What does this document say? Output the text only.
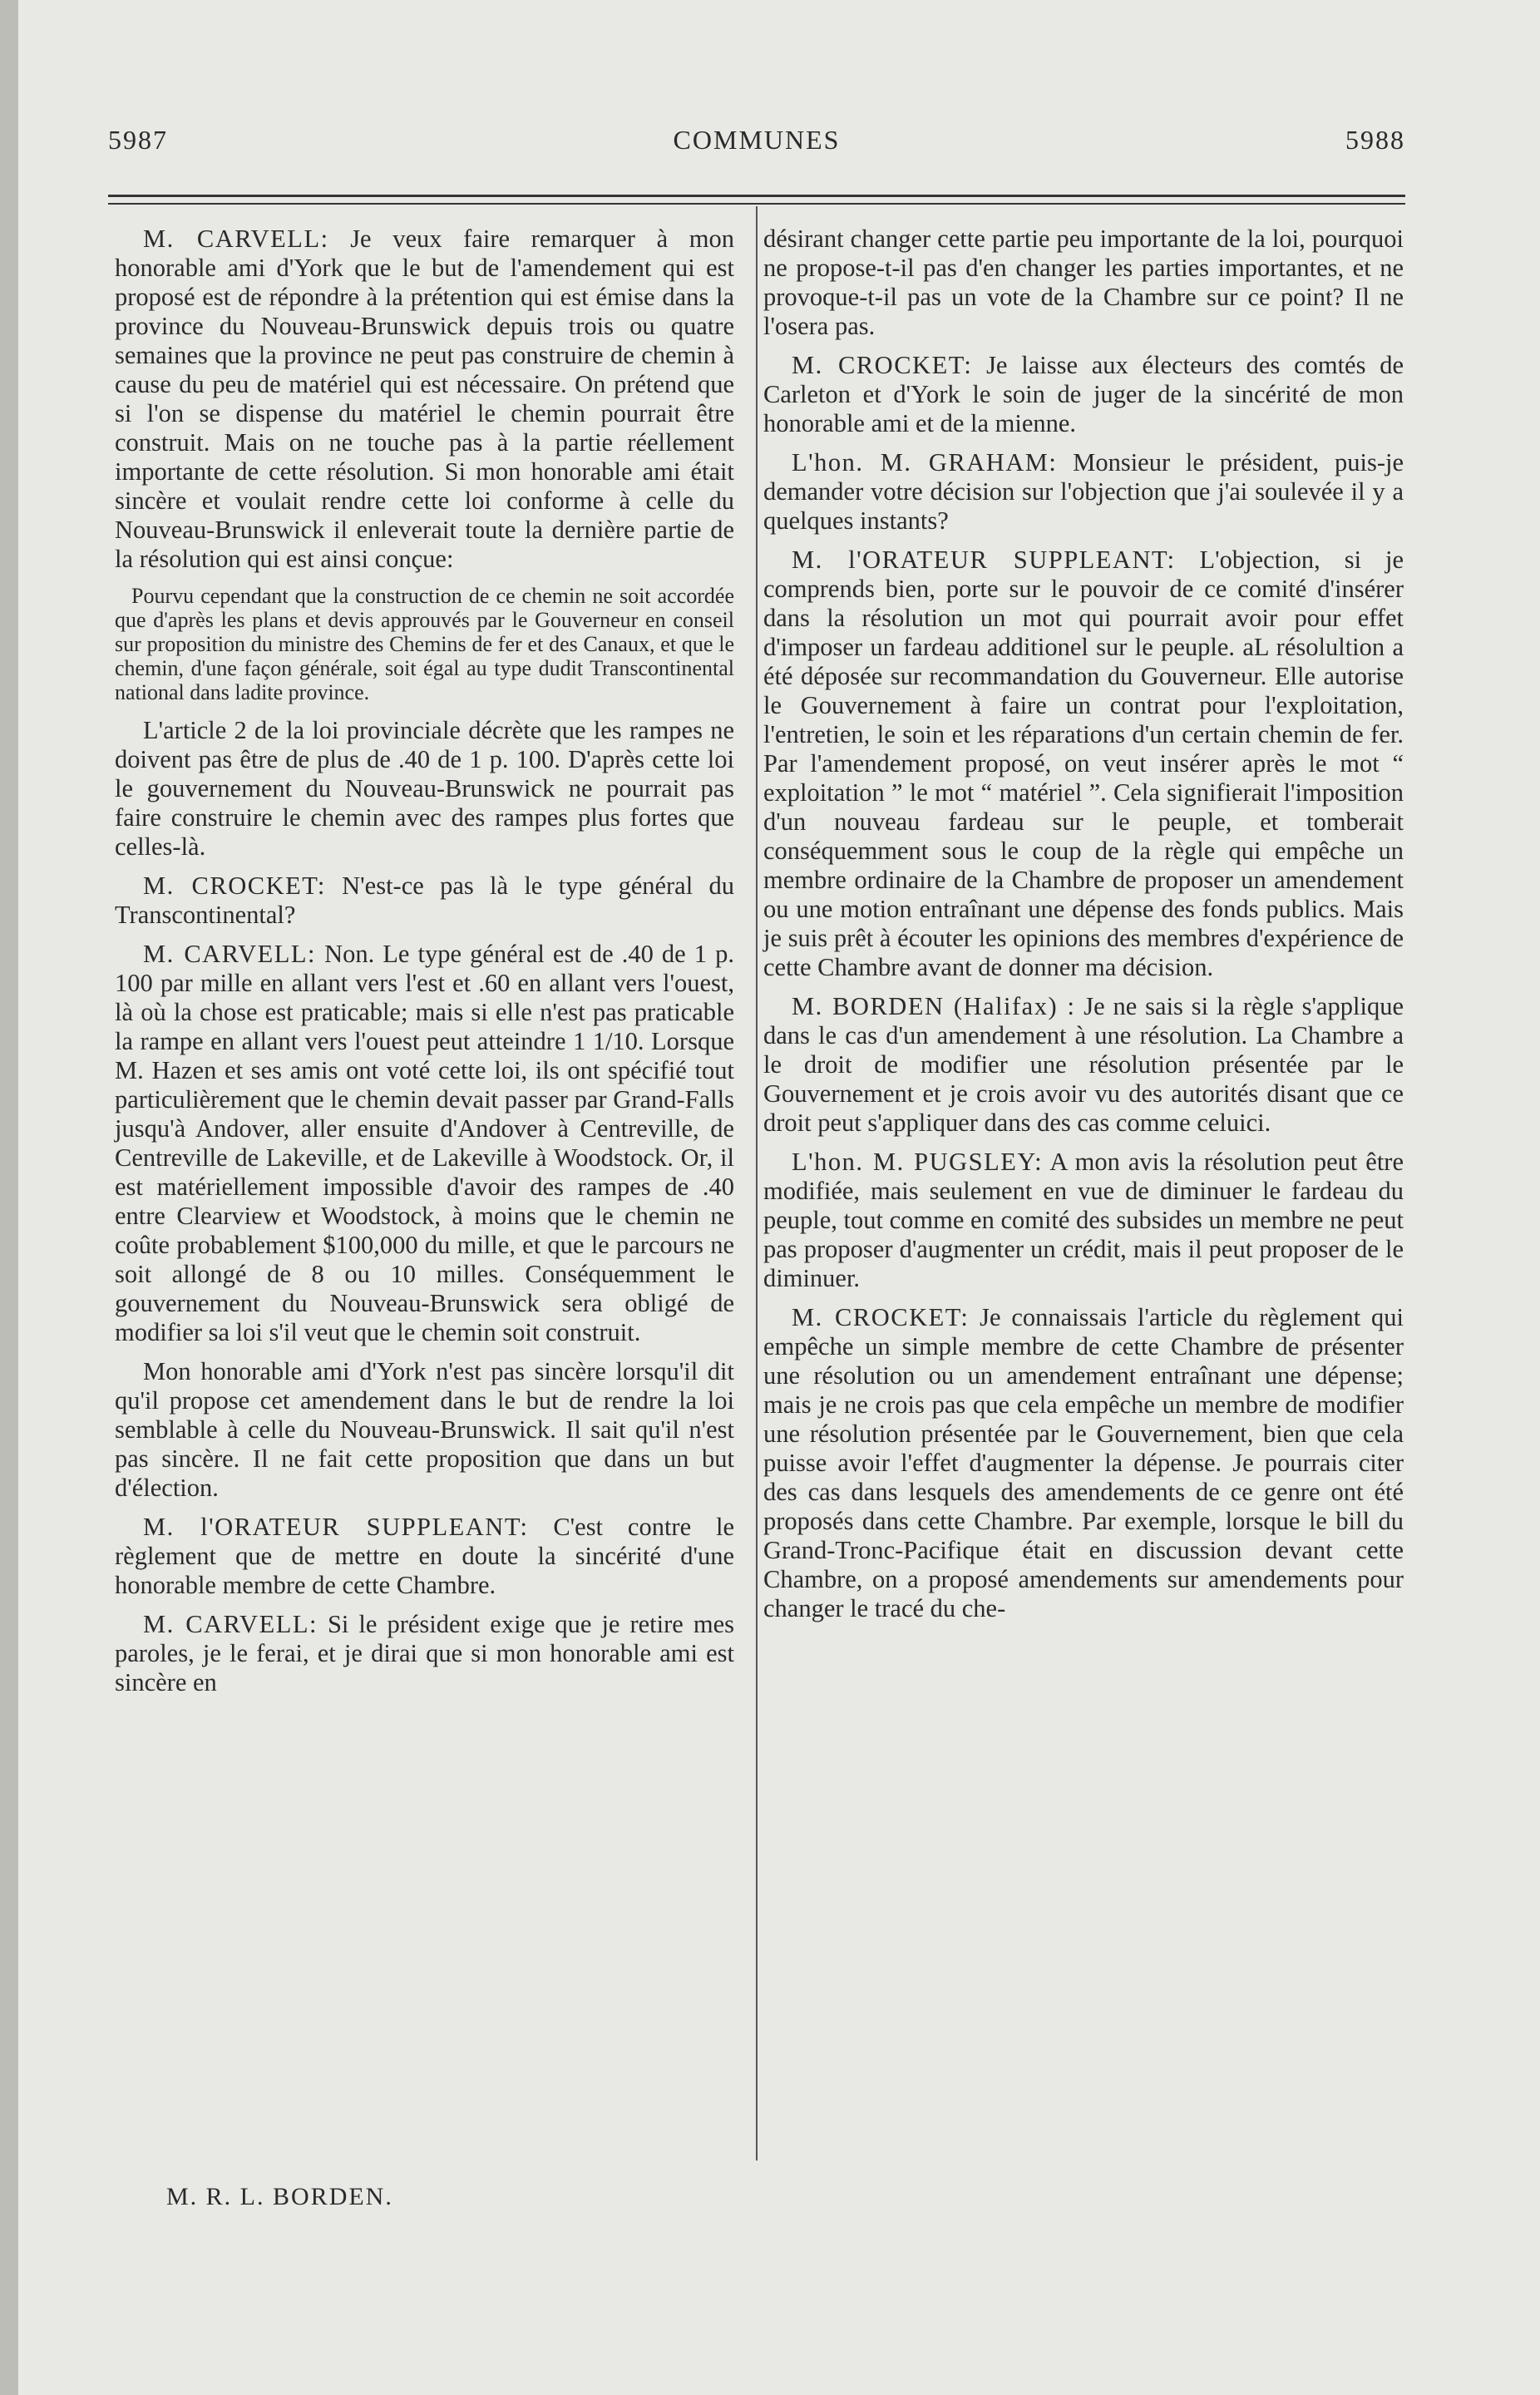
5987	COMMUNES	5988

M. CARVELL: Je veux faire remarquer à mon honorable ami d'York que le but de l'amendement qui est proposé est de répondre à la prétention qui est émise dans la province du Nouveau-Brunswick depuis trois ou quatre semaines que la province ne peut pas construire de chemin à cause du peu de matériel qui est nécessaire. On prétend que si l'on se dispense du matériel le chemin pourrait être construit. Mais on ne touche pas à la partie réellement importante de cette résolution. Si mon honorable ami était sincère et voulait rendre cette loi conforme à celle du Nouveau-Brunswick il enleverait toute la dernière partie de la résolution qui est ainsi conçue:

Pourvu cependant que la construction de ce chemin ne soit accordée que d'après les plans et devis approuvés par le Gouverneur en conseil sur proposition du ministre des Chemins de fer et des Canaux, et que le chemin, d'une façon générale, soit égal au type dudit Transcontinental national dans ladite province.

L'article 2 de la loi provinciale décrète que les rampes ne doivent pas être de plus de .40 de 1 p. 100. D'après cette loi le gouvernement du Nouveau-Brunswick ne pourrait pas faire construire le chemin avec des rampes plus fortes que celles-là.

M. CROCKET: N'est-ce pas là le type général du Transcontinental?

M. CARVELL: Non. Le type général est de .40 de 1 p. 100 par mille en allant vers l'est et .60 en allant vers l'ouest, là où la chose est praticable; mais si elle n'est pas praticable la rampe en allant vers l'ouest peut atteindre 1 1/10. Lorsque M. Hazen et ses amis ont voté cette loi, ils ont spécifié tout particulièrement que le chemin devait passer par Grand-Falls jusqu'à Andover, aller ensuite d'Andover à Centreville, de Centreville de Lakeville, et de Lakeville à Woodstock. Or, il est matériellement impossible d'avoir des rampes de .40 entre Clearview et Woodstock, à moins que le chemin ne coûte probablement $100,000 du mille, et que le parcours ne soit allongé de 8 ou 10 milles. Conséquemment le gouvernement du Nouveau-Brunswick sera obligé de modifier sa loi s'il veut que le chemin soit construit.

Mon honorable ami d'York n'est pas sincère lorsqu'il dit qu'il propose cet amendement dans le but de rendre la loi semblable à celle du Nouveau-Brunswick. Il sait qu'il n'est pas sincère. Il ne fait cette proposition que dans un but d'élection.

M. l'ORATEUR SUPPLEANT: C'est contre le règlement que de mettre en doute la sincérité d'une honorable membre de cette Chambre.

M. CARVELL: Si le président exige que je retire mes paroles, je le ferai, et je dirai que si mon honorable ami est sincère en

désirant changer cette partie peu importante de la loi, pourquoi ne propose-t-il pas d'en changer les parties importantes, et ne provoque-t-il pas un vote de la Chambre sur ce point? Il ne l'osera pas.

M. CROCKET: Je laisse aux électeurs des comtés de Carleton et d'York le soin de juger de la sincérité de mon honorable ami et de la mienne.

L'hon. M. GRAHAM: Monsieur le président, puis-je demander votre décision sur l'objection que j'ai soulevée il y a quelques instants?

M. l'ORATEUR SUPPLEANT: L'objection, si je comprends bien, porte sur le pouvoir de ce comité d'insérer dans la résolution un mot qui pourrait avoir pour effet d'imposer un fardeau additionel sur le peuple. aL résolultion a été déposée sur recommandation du Gouverneur. Elle autorise le Gouvernement à faire un contrat pour l'exploitation, l'entretien, le soin et les réparations d'un certain chemin de fer. Par l'amendement proposé, on veut insérer après le mot “ exploitation ” le mot “ matériel ”. Cela signifierait l'imposition d'un nouveau fardeau sur le peuple, et tomberait conséquemment sous le coup de la règle qui empêche un membre ordinaire de la Chambre de proposer un amendement ou une motion entraînant une dépense des fonds publics. Mais je suis prêt à écouter les opinions des membres d'expérience de cette Chambre avant de donner ma décision.

M. BORDEN (Halifax) : Je ne sais si la règle s'applique dans le cas d'un amendement à une résolution. La Chambre a le droit de modifier une résolution présentée par le Gouvernement et je crois avoir vu des autorités disant que ce droit peut s'appliquer dans des cas comme celuici.

L'hon. M. PUGSLEY: A mon avis la résolution peut être modifiée, mais seulement en vue de diminuer le fardeau du peuple, tout comme en comité des subsides un membre ne peut pas proposer d'augmenter un crédit, mais il peut proposer de le diminuer.

M. CROCKET: Je connaissais l'article du règlement qui empêche un simple membre de cette Chambre de présenter une résolution ou un amendement entraînant une dépense; mais je ne crois pas que cela empêche un membre de modifier une résolution présentée par le Gouvernement, bien que cela puisse avoir l'effet d'augmenter la dépense. Je pourrais citer des cas dans lesquels des amendements de ce genre ont été proposés dans cette Chambre. Par exemple, lorsque le bill du Grand-Tronc-Pacifique était en discussion devant cette Chambre, on a proposé amendements sur amendements pour changer le tracé du che-

M. R. L. BORDEN.
